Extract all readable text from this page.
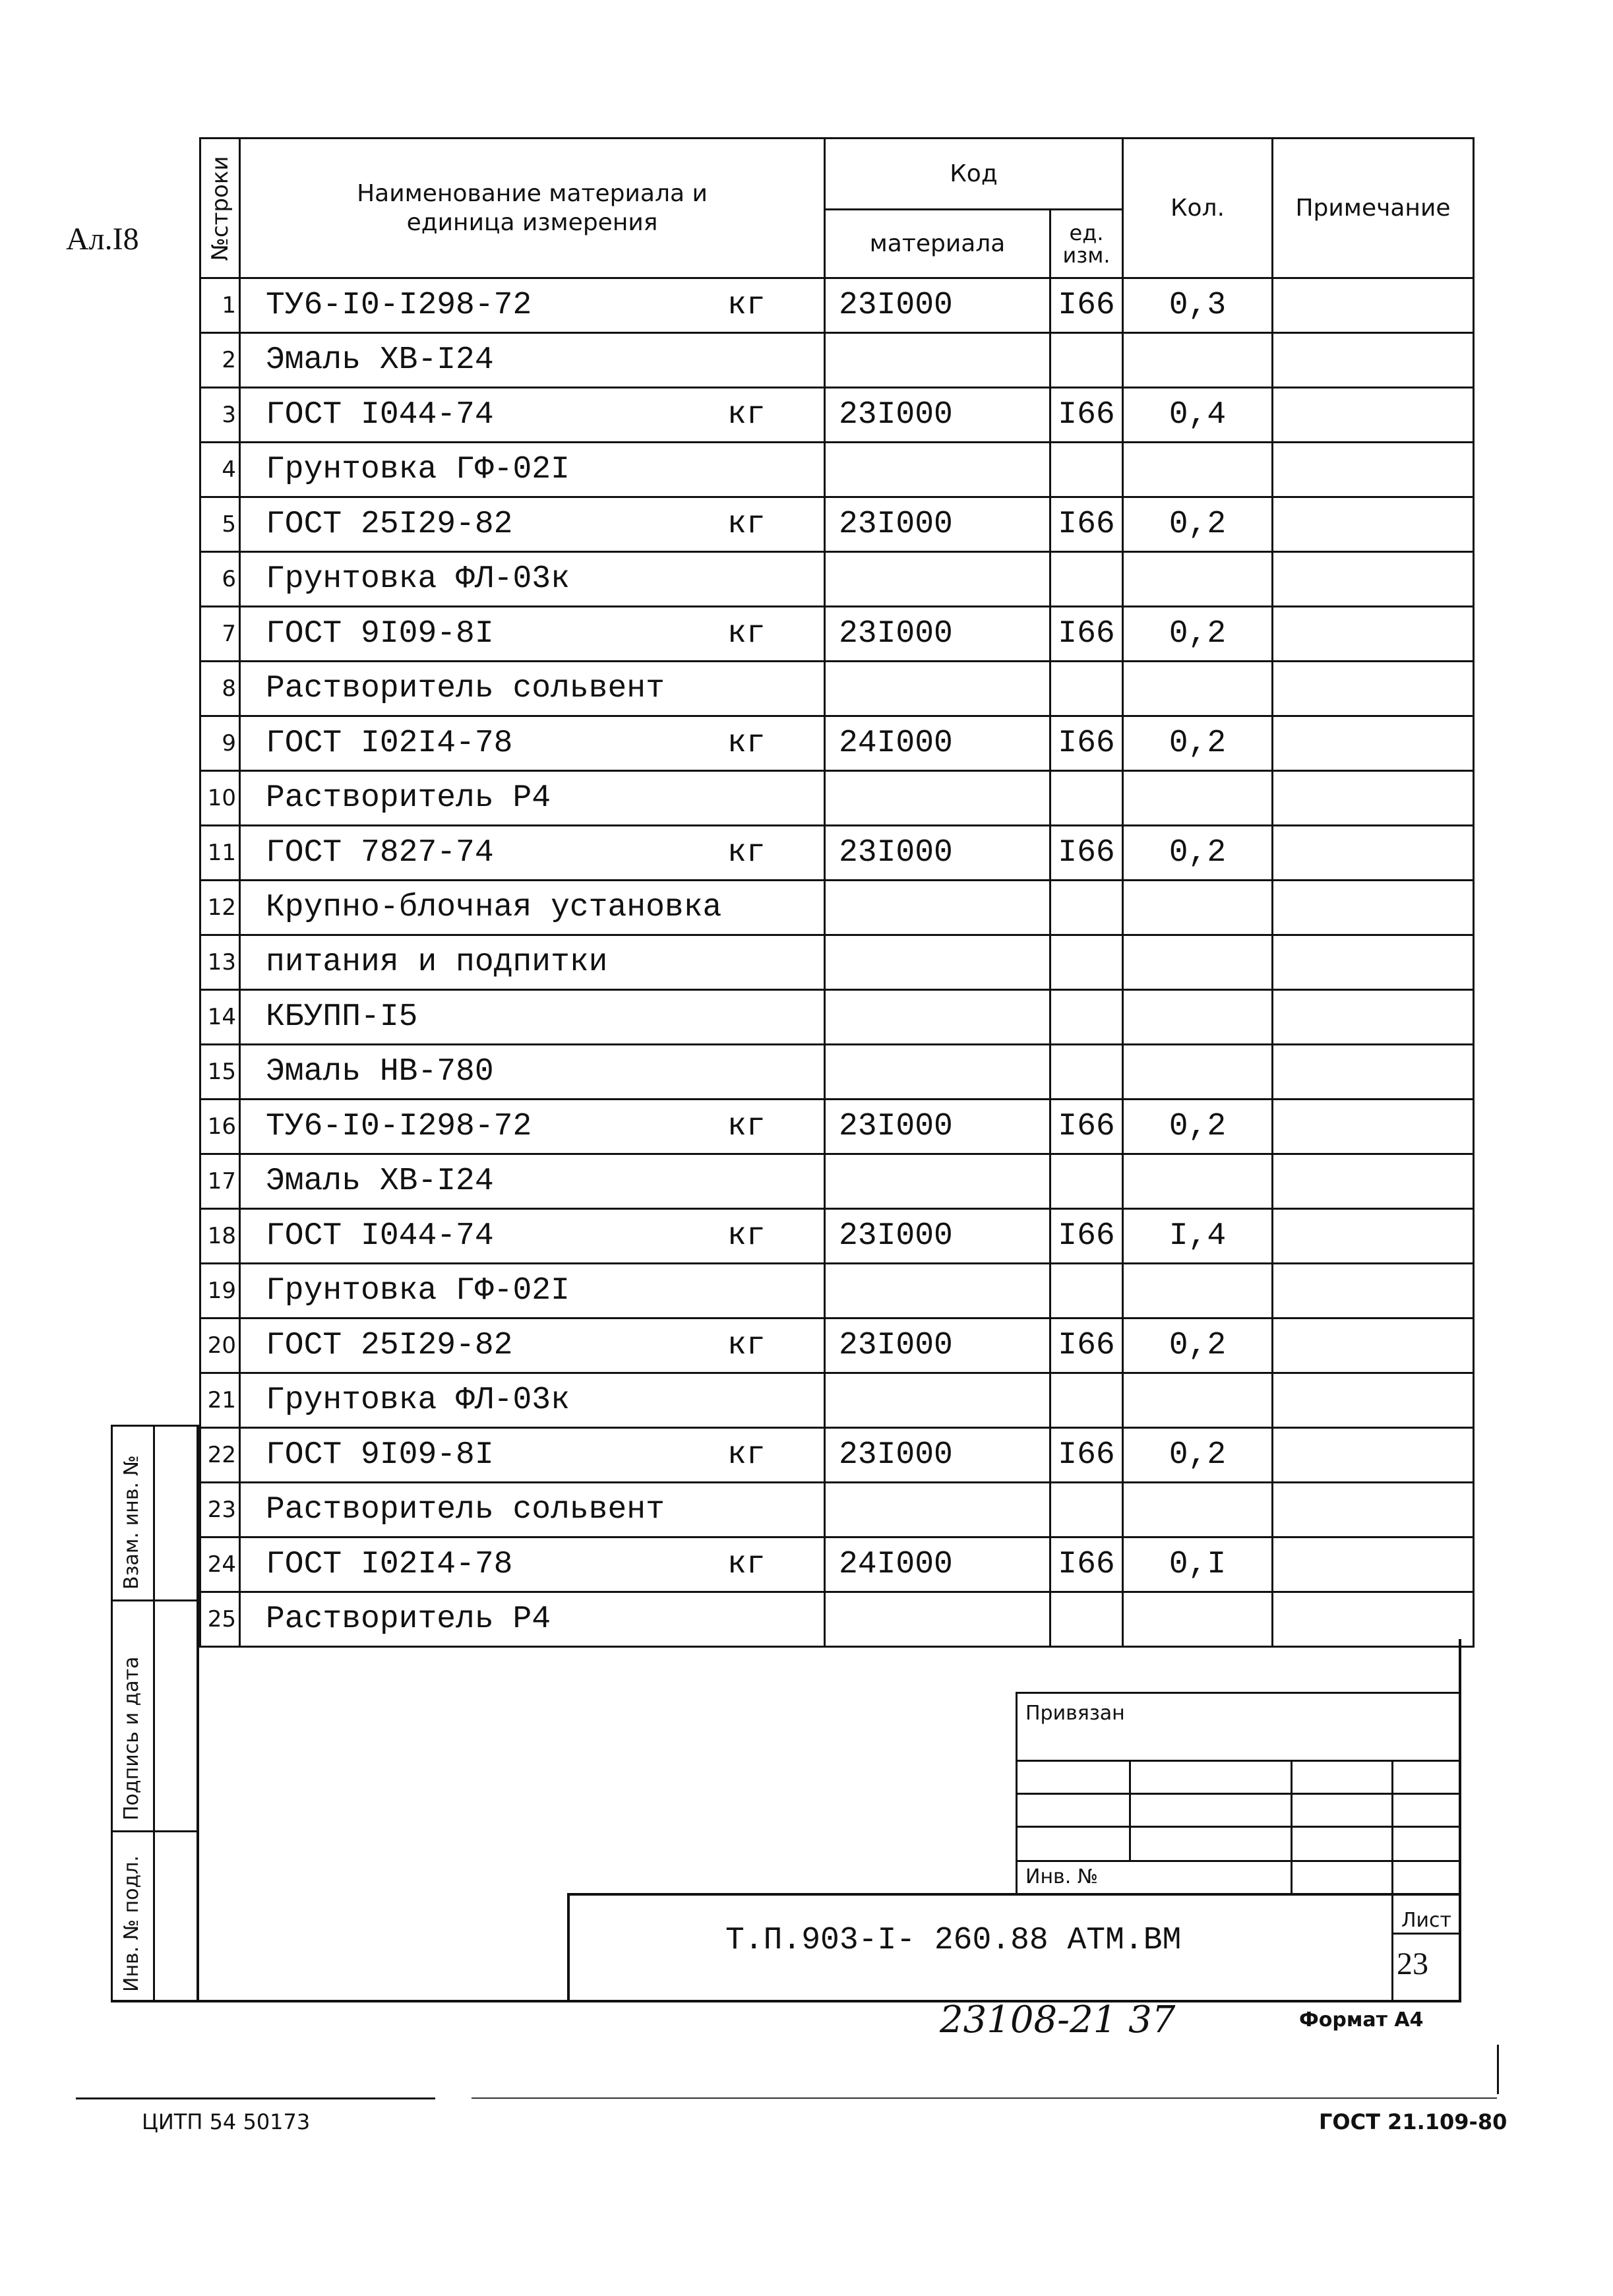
Ал.I8	№строки	Наименование материала и единица измерения	Код		Кол.	Примечание
		материала	ед. изм.		

1	ТУ6-I0-I298-72 кг	23I000	I66	0,3	
2	Эмаль ХВ-I24				
3	ГОСТ I044-74 кг	23I000	I66	0,4	
4	Грунтовка ГФ-02I				
5	ГОСТ 25I29-82 кг	23I000	I66	0,2	
6	Грунтовка ФЛ-03к				
7	ГОСТ 9I09-8I кг	23I000	I66	0,2	
8	Растворитель сольвент				
9	ГОСТ I02I4-78 кг	24I000	I66	0,2	
10	Растворитель Р4				
11	ГОСТ 7827-74 кг	23I000	I66	0,2	
12	Крупно-блочная установка				
13	питания и подпитки				
14	КБУПП-I5				
15	Эмаль НВ-780				
16	ТУ6-I0-I298-72 кг	23I000	I66	0,2	
17	Эмаль ХВ-I24				
18	ГОСТ I044-74 кг	23I000	I66	I,4	
19	Грунтовка ГФ-02I				
20	ГОСТ 25I29-82 кг	23I000	I66	0,2	
21	Грунтовка ФЛ-03к				
22	ГОСТ 9I09-8I кг	23I000	I66	0,2	
23	Растворитель сольвент				
24	ГОСТ I02I4-78 кг	24I000	I66	0,I	
25	Растворитель Р4				
Взам. инв. №
Подпись и дата
Инв. № подл.
Привязан
Инв. №
Т.П.903-I- 260.88 АТМ.ВМ
Лист
23
23108-21 37	Формат А4
ЦИТП 54 50173	ГОСТ 21.109-80
